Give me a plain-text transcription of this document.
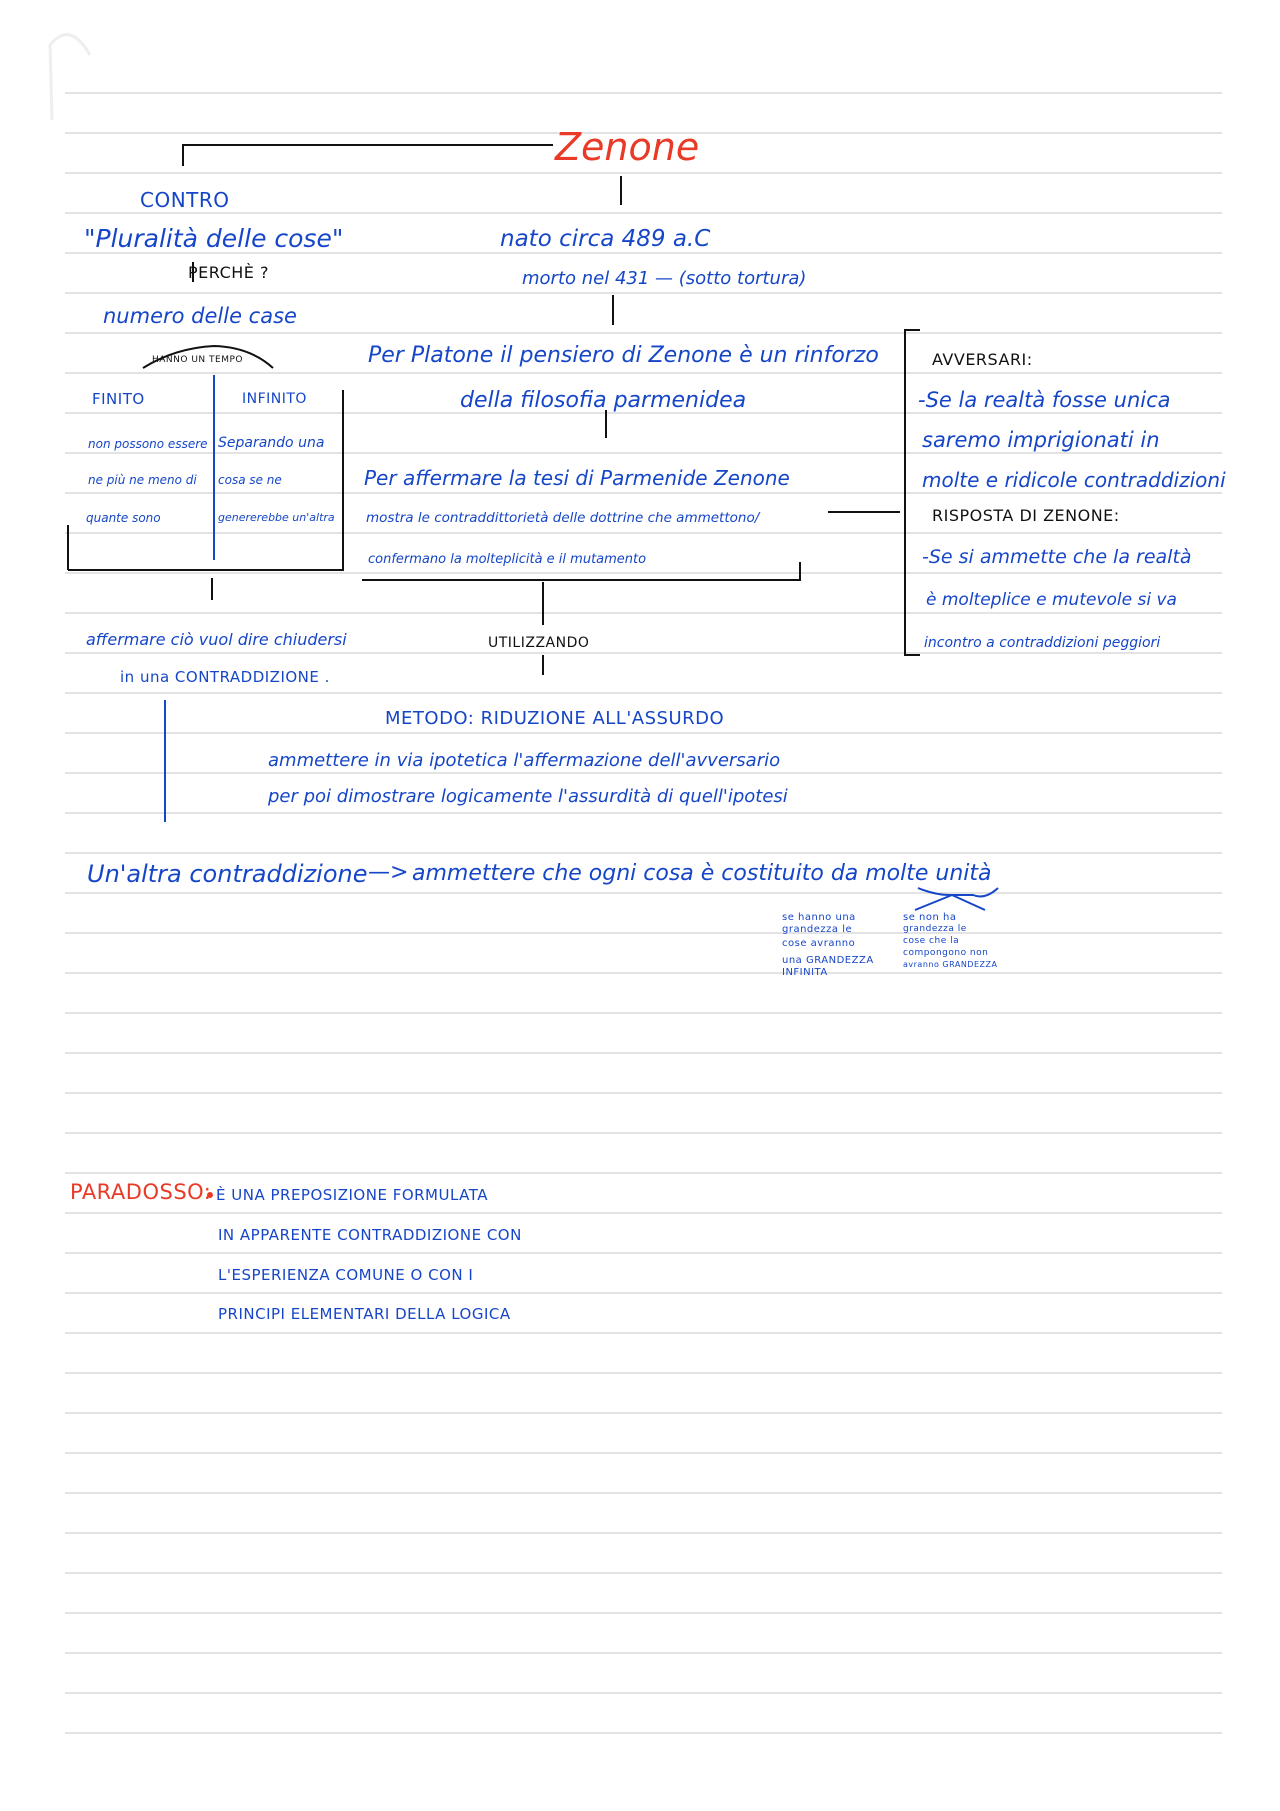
Zenone
CONTRO
"Pluralità delle cose"
PERCHÈ ?
numero delle case
HANNO UN TEMPO
FINITO	INFINITO
non possono essere
ne più ne meno di
quante sono
Separando una
cosa se ne
genererebbe un'altra
affermare ciò vuol dire chiudersi
in una CONTRADDIZIONE .
nato circa 489 a.C
morto nel 431 — (sotto tortura)
Per Platone il pensiero di Zenone è un rinforzo
della filosofia parmenidea
Per affermare la tesi di Parmenide Zenone
mostra le contraddittorietà delle dottrine che ammettono/
confermano la molteplicità e il mutamento
UTILIZZANDO
METODO: RIDUZIONE ALL'ASSURDO
ammettere in via ipotetica l'affermazione dell'avversario
per poi dimostrare logicamente l'assurdità di quell'ipotesi
AVVERSARI:
-Se la realtà fosse unica
saremo imprigionati in
molte e ridicole contraddizioni
RISPOSTA DI ZENONE:
-Se si ammette che la realtà
è molteplice e mutevole si va
incontro a contraddizioni peggiori
Un'altra contraddizione —> ammettere che ogni cosa è costituito da molte unità
se hanno una
grandezza le
cose avranno
una GRANDEZZA
INFINITA
se non ha
grandezza le
cose che la
compongono non
avranno GRANDEZZA
PARADOSSO: È UNA PREPOSIZIONE FORMULATA
IN APPARENTE CONTRADDIZIONE CON
L'ESPERIENZA COMUNE O CON I
PRINCIPI ELEMENTARI DELLA LOGICA
